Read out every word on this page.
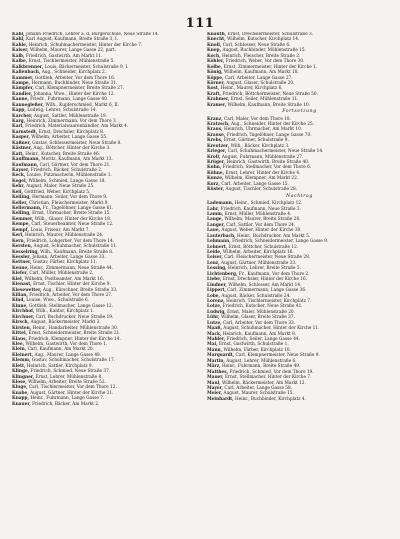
111
Kahl, Johann Friedrich, Lehrer a. d. Bürgerschule, Neue Straße 14.
Kahl, Karl August, Kaufmann, Breite Straße 3, I.
Kahle, Heinrich, Schuhmachermeister, Hinter der Kirche 7.
Kaiser, Wilhelm, Maurer, Lange Gasse 22, part.
Kalb, Friedrich, Gastwirth, Am Markt 11.
Kalbe, Ernst, Tischlermeister, Mühlenstraße 5.
Kalkbrenner, Louis, Bäckermeister, Schulstraße 9, I.
Kallenbach, Aug., Schneider, Kirchplatz 2.
Kammer, Gottlieb, Arbeiter, Vor dem Thore 16.
Kampe, Hermann, Buchbinder, Neue Straße 31.
Kämpfer, Carl, Klempnermeister, Breite Straße 27.
Kandler, Johanna, Wwe., Hinter der Kirche 12.
Kanne, Friedr., Fuhrmann, Lange Gasse 40.
Kannegießer, Wilh., Kupferschmied, Markt 6, II.
Kapp, Ludwig, Lehrer, Schulstraße 14.
Karcher, August, Sattler, Mühlenstraße 19.
Karg, Heinrich, Zimmermann, Vor dem Thore 3.
Karl, Friedrich, Materialwaarenhändler, Am Markt 4.
Karnstedt, Ernst, Drechsler, Kirchplatz 8.
Kasper, Wilhelm, Arbeiter, Lange Gasse 55.
Kaßner, Gustav, Schlossermeister, Neue Straße 8.
Kästner, Aug., Böttcher, Hinter der Kirche 3.
Katt, Heinr., Kutscher, Breite Straße 46.
Kauffmann, Moritz, Kaufmann, Am Markt 13.
Kaufmann, Carl, Gärtner, Vor dem Thore 21.
Kayser, Friedrich, Bäcker, Schulstraße 2.
Keck, Louise, Putzmacherin, Mühlenstraße 1.
Kegel, Wilhelm, Schmied, Lange Gasse 18.
Kehr, August, Maler, Neue Straße 25.
Keil, Gottfried, Weber, Kirchplatz 5.
Keiling, Hermann, Seiler, Vor dem Thore 9.
Keller, Christian, Fleischermeister, Markt 9.
Kellermann, Fr., Tagelöhner, Lange Gasse 61.
Kelling, Ernst, Uhrmacher, Breite Straße 15.
Kemmer, Wilh., Glaser, Hinter der Kirche 18.
Kempe, Carl, Steuerbeamter, Neue Straße 12.
Kempf, Louis, Friseur, Am Markt 7.
Kerl, Heinrich, Maurer, Mühlenstraße 24.
Kern, Friedrich, Lohgerber, Vor dem Thore 14.
Kersten, August, Schuhmacher, Schulstraße 11.
Kesselring, Wilh., Kaufmann, Breite Straße 8.
Kessler, Johann, Arbeiter, Lange Gasse 33.
Kettner, Gustav, Färber, Kirchplatz 11.
Keune, Heinr., Zimmermann, Neue Straße 44.
Kiefer, Carl, Müller, Mühlenstraße 2.
Kiel, Wilhelm, Postbeamter, Am Markt 16.
Kienast, Ernst, Tischler, Hinter der Kirche 9.
Kiesewetter, Aug., Kürschner, Breite Straße 33.
Kilian, Friedrich, Arbeiter, Vor dem Thore 27.
Kind, Louise, Wwe., Schulstraße 6.
Kinne, Gottlieb, Stellmacher, Lange Gasse 12.
Kirchhof, Wilh., Kantor, Kirchplatz 1.
Kirchner, Carl, Buchdrucker, Neue Straße 19.
Kirsch, August, Bäckermeister, Markt 3.
Kirsten, Heinr., Handarbeiter, Mühlenstraße 30.
Kittel, Ernst, Schneidermeister, Breite Straße 21.
Klaus, Friedrich, Klempner, Hinter der Kirche 14.
Klee, Wilhelm, Gastwirth, Vor dem Thore 1.
Klein, Carl, Kaufmann, Am Markt 20.
Kleinert, Aug., Maurer, Lange Gasse 48.
Klemm, Gustav, Schuhmacher, Schulstraße 17.
Klett, Heinrich, Sattler, Kirchplatz 9.
Klinge, Friedrich, Schmied, Neue Straße 37.
Klingner, Ernst, Lehrer, Mühlenstraße 8.
Klose, Wilhelm, Arbeiter, Breite Straße 52.
Kluge, Carl, Tischlermeister, Vor dem Thore 12.
Knabe, August, Gärtner, Hinter der Kirche 21.
Knapp, Heinr., Fuhrmann, Lange Gasse 7.
Knauer, Friedrich, Bäcker, Am Markt 2.
Knauth, Ernst, Drechslermeister, Schulstraße 3.
Knecht, Wilhelm, Kutscher, Kirchplatz 14.
Knoll, Carl, Schlosser, Neue Straße 6.
Knop, August, Buchbinder, Mühlenstraße 15.
Koch, Heinrich, Fleischer, Breite Straße 2.
Köhler, Friedrich, Weber, Vor dem Thore 30.
Kolbe, Ernst, Zimmermeister, Hinter der Kirche 1.
König, Wilhelm, Kaufmann, Am Markt 18.
Köppe, Carl, Arbeiter, Lange Gasse 27.
Körner, August, Glaser, Schulstraße 20.
Kost, Heinr., Maurer, Kirchplatz 6.
Kraft, Friedrich, Böttchermeister, Neue Straße 50.
Krahmer, Ernst, Seiler, Mühlenstraße 11.
Kramer, Wilhelm, Kaufmann, Breite Straße 10.
Fortsetzung
Kranz, Carl, Maler, Vor dem Thore 18.
Kratzsch, Aug., Schneider, Hinter der Kirche 25.
Kraus, Heinrich, Uhrmacher, Am Markt 10.
Krause, Friedrich, Tagelöhner, Lange Gasse 70.
Krebs, Ernst, Gärtner, Schulstraße 9.
Kreutzer, Wilh., Bäcker, Kirchplatz 3.
Krieger, Carl, Schuhmachermeister, Neue Straße 14.
Kroll, August, Fuhrmann, Mühlenstraße 27.
Krüger, Heinrich, Gastwirth, Breite Straße 40.
Kuhn, Friedrich, Stellmacher, Vor dem Thore 6.
Kühne, Ernst, Lehrer, Hinter der Kirche 4.
Kunze, Wilhelm, Klempner, Am Markt 22.
Kurz, Carl, Arbeiter, Lange Gasse 15.
Küster, August, Tischler, Schulstraße 28.
Nachtrag
Lademann, Heinr., Schmied, Kirchplatz 12.
Lahr, Friedrich, Kaufmann, Neue Straße 3.
Lamm, Ernst, Müller, Mühlenstraße 4.
Lange, Wilhelm, Maurer, Breite Straße 28.
Langer, Carl, Sattler, Vor dem Thore 24.
Laue, August, Weber, Hinter der Kirche 30.
Lauterbach, Heinr., Buchdrucker, Am Markt 5.
Lehmann, Friedrich, Schneidermeister, Lange Gasse 9.
Lehnert, Ernst, Böttcher, Schulstraße 12.
Leide, Wilhelm, Arbeiter, Kirchplatz 16.
Leiser, Carl, Fleischermeister, Neue Straße 28.
Lenz, August, Gärtner, Mühlenstraße 33.
Lessing, Heinrich, Lehrer, Breite Straße 5.
Lichtenberg, Fr., Kaufmann, Vor dem Thore 2.
Liebe, Ernst, Drechsler, Hinter der Kirche 16.
Lindner, Wilhelm, Schlosser, Am Markt 14.
Lippert, Carl, Zimmermann, Lange Gasse 36.
Lobe, August, Bäcker, Schulstraße 24.
Lorenz, Heinrich, Tischlermeister, Kirchplatz 7.
Lotze, Friedrich, Kutscher, Neue Straße 41.
Ludwig, Ernst, Maler, Mühlenstraße 20.
Lühr, Wilhelm, Glaser, Breite Straße 37.
Lutze, Carl, Arbeiter, Vor dem Thore 33.
Maaß, August, Schuhmacher, Hinter der Kirche 11.
Mack, Heinrich, Kaufmann, Am Markt 8.
Mahler, Friedrich, Seiler, Lange Gasse 44.
Mai, Ernst, Gastwirth, Schulstraße 1.
Mann, Wilhelm, Färber, Kirchplatz 10.
Marquardt, Carl, Klempnermeister, Neue Straße 9.
Martin, August, Lehrer, Mühlenstraße 6.
März, Heinr., Fuhrmann, Breite Straße 49.
Matthes, Friedrich, Schmied, Vor dem Thore 19.
Mauer, Ernst, Stellmacher, Hinter der Kirche 7.
Maul, Wilhelm, Bäckermeister, Am Markt 12.
Mayer, Carl, Arbeiter, Lange Gasse 58.
Meier, August, Maurer, Schulstraße 15.
Meinhardt, Heinr., Buchbinder, Kirchplatz 4.
